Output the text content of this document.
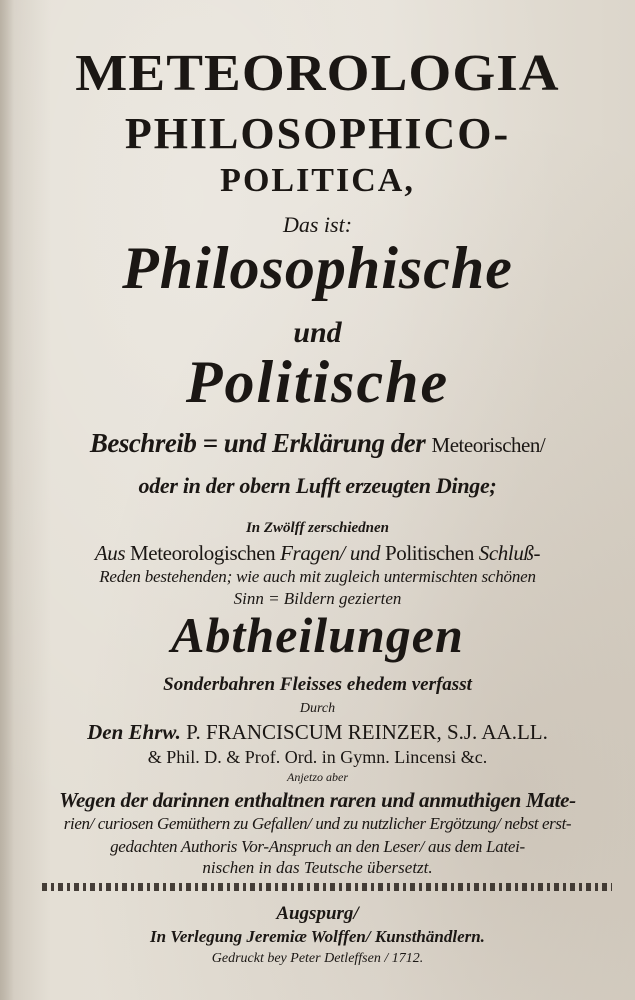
METEOROLOGIA
PHILOSOPHICO-
POLITICA,
Das ist:
Philosophische
und
Politische
Beschreib = und Erklärung der Meteorischen/
oder in der obern Lufft erzeugten Dinge;
In Zwölff zerschiednen
Aus Meteorologischen Fragen/ und Politischen Schluß-
Reden bestehenden; wie auch mit zugleich untermischten schönen
Sinn = Bildern gezierten
Abtheilungen
Sonderbahren Fleisses ehedem verfasst
Durch
Den Ehrw. P. FRANCISCUM REINZER, S.J. AA.LL.
& Phil. D. & Prof. Ord. in Gymn. Lincensi &c.
Anjetzo aber
Wegen der darinnen enthaltnen raren und anmuthigen Mate-
rien/ curiosen Gemüthern zu Gefallen/ und zu nutzlicher Ergötzung/ nebst erst-
gedachten Authoris Vor-Anspruch an den Leser/ aus dem Latei-
nischen in das Teutsche übersetzt.
Augspurg/
In Verlegung Jeremiæ Wolffen/ Kunsthändlern.
Gedruckt bey Peter Detleffsen / 1712.
